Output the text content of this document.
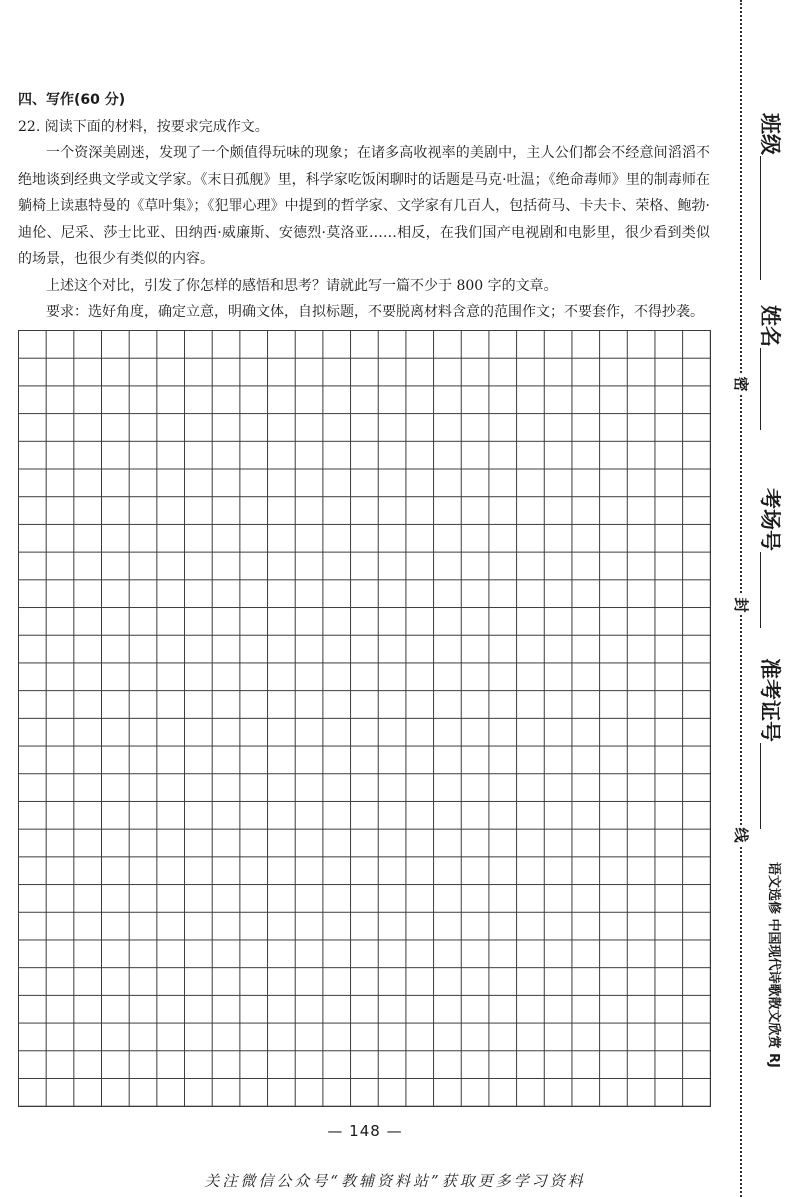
四、写作(60 分)

22. 阅读下面的材料，按要求完成作文。

一个资深美剧迷，发现了一个颇值得玩味的现象；在诸多高收视率的美剧中，主人公们都会不经意间滔滔不绝地谈到经典文学或文学家。《末日孤舰》里，科学家吃饭闲聊时的话题是马克·吐温；《绝命毒师》里的制毒师在躺椅上读惠特曼的《草叶集》；《犯罪心理》中提到的哲学家、文学家有几百人，包括荷马、卡夫卡、荣格、鲍勃·迪伦、尼采、莎士比亚、田纳西·威廉斯、安德烈·莫洛亚……相反，在我们国产电视剧和电影里，很少看到类似的场景，也很少有类似的内容。

上述这个对比，引发了你怎样的感悟和思考？请就此写一篇不少于 800 字的文章。

要求：选好角度，确定立意，明确文体，自拟标题，不要脱离材料含意的范围作文；不要套作，不得抄袭。

— 148 —
关注微信公众号“教辅资料站”获取更多学习资料
班级
姓名
考场号
准考证号
密
封
线
语文选修 中国现代诗歌散文欣赏 RJ
